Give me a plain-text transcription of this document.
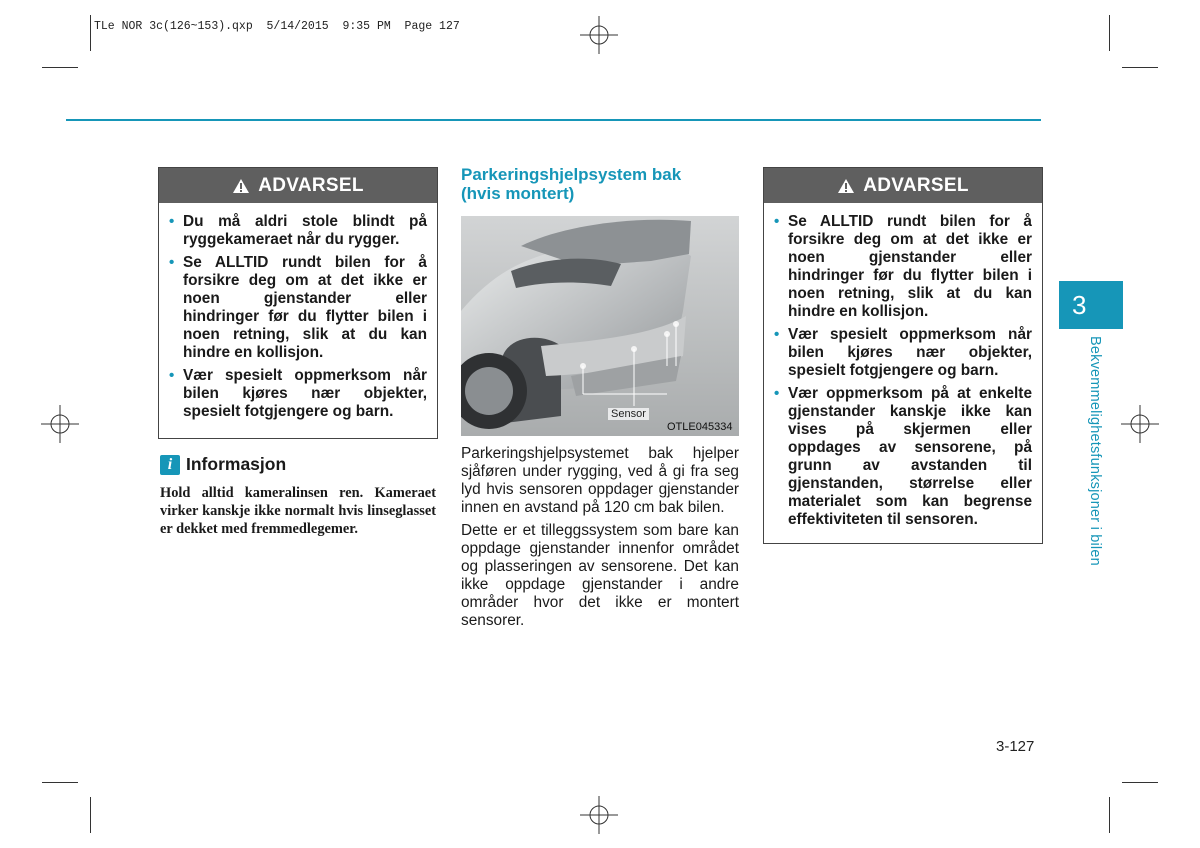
TLe NOR 3c(126~153).qxp  5/14/2015  9:35 PM  Page 127
ADVARSEL
• Du må aldri stole blindt på ryggekameraet når du rygger.
• Se ALLTID rundt bilen for å forsikre deg om at det ikke er noen gjenstander eller hindringer før du flytter bilen i noen retning, slik at du kan hindre en kollisjon.
• Vær spesielt oppmerksom når bilen kjøres nær objekter, spesielt fotgjengere og barn.
i Informasjon
Hold alltid kameralinsen ren. Kameraet virker kanskje ikke normalt hvis linseglasset er dekket med fremmedlegemer.
Parkeringshjelpsystem bak
(hvis montert)
Sensor
OTLE045334

Parkeringshjelpsystemet bak hjelper sjåføren under rygging, ved å gi fra seg lyd hvis sensoren oppdager gjenstander innen en avstand på 120 cm bak bilen.

Dette er et tilleggssystem som bare kan oppdage gjenstander innenfor området og plasseringen av sensorene. Det kan ikke oppdage gjenstander i andre områder hvor det ikke er montert sensorer.

ADVARSEL
• Se ALLTID rundt bilen for å forsikre deg om at det ikke er noen gjenstander eller hindringer før du flytter bilen i noen retning, slik at du kan hindre en kollisjon.
• Vær spesielt oppmerksom når bilen kjøres nær objekter, spesielt fotgjengere og barn.
• Vær oppmerksom på at enkelte gjenstander kanskje ikke kan vises på skjermen eller oppdages av sensorene, på grunn av avstanden til gjenstanden, størrelse eller materialet som kan begrense effektiviteten til sensoren.
3
Bekvemmelighetsfunksjoner i bilen
3-127
